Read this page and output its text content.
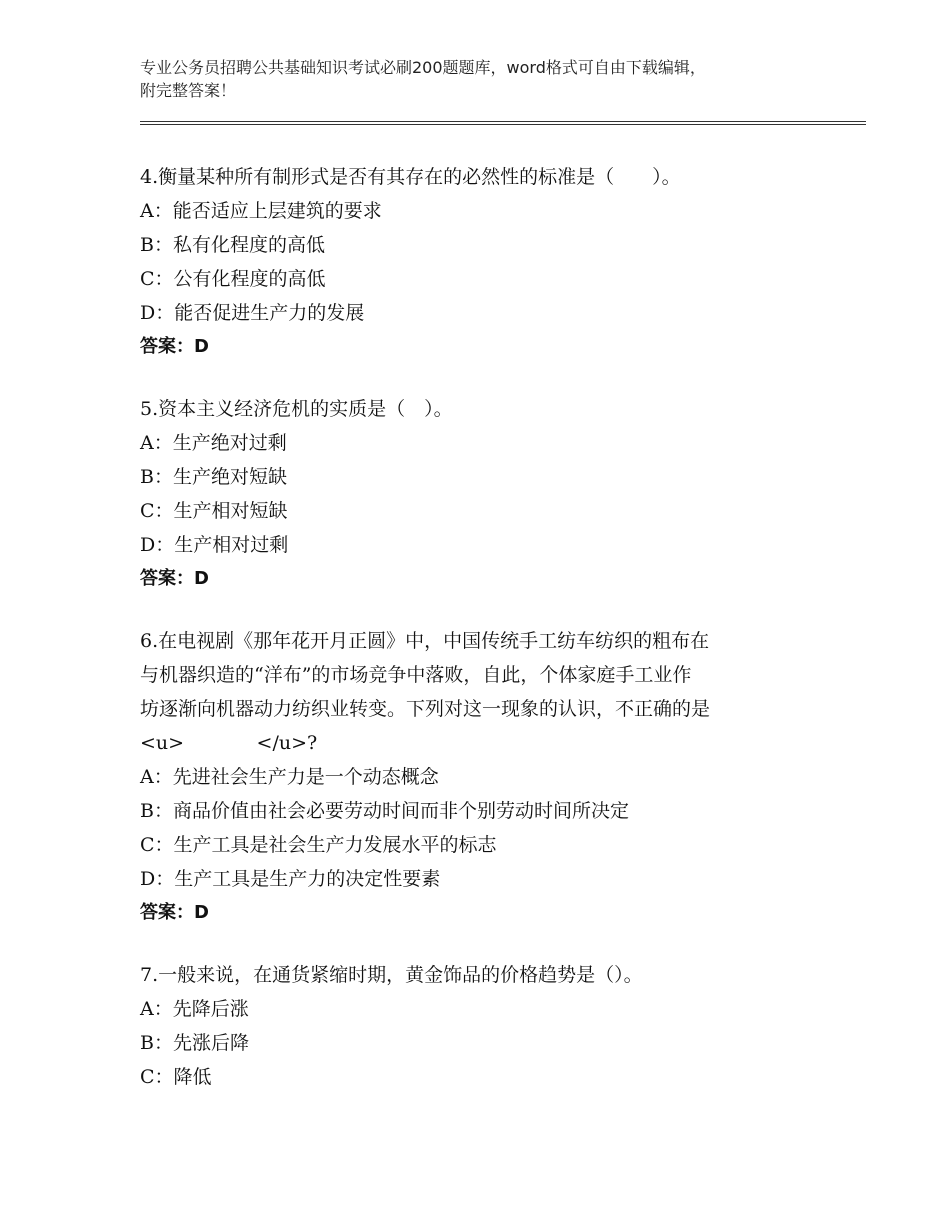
专业公务员招聘公共基础知识考试必刷200题题库，word格式可自由下载编辑，
附完整答案！
4.衡量某种所有制形式是否有其存在的必然性的标准是（　　）。
A：能否适应上层建筑的要求
B：私有化程度的高低
C：公有化程度的高低
D：能否促进生产力的发展
答案：D
5.资本主义经济危机的实质是（　）。
A：生产绝对过剩
B：生产绝对短缺
C：生产相对短缺
D：生产相对过剩
答案：D
6.在电视剧《那年花开月正圆》中，中国传统手工纺车纺织的粗布在
与机器织造的“洋布”的市场竞争中落败，自此，个体家庭手工业作
坊逐渐向机器动力纺织业转变。下列对这一现象的认识，不正确的是
<u>            </u>?
A：先进社会生产力是一个动态概念
B：商品价值由社会必要劳动时间而非个别劳动时间所决定
C：生产工具是社会生产力发展水平的标志
D：生产工具是生产力的决定性要素
答案：D
7.一般来说，在通货紧缩时期，黄金饰品的价格趋势是（）。
A：先降后涨
B：先涨后降
C：降低
